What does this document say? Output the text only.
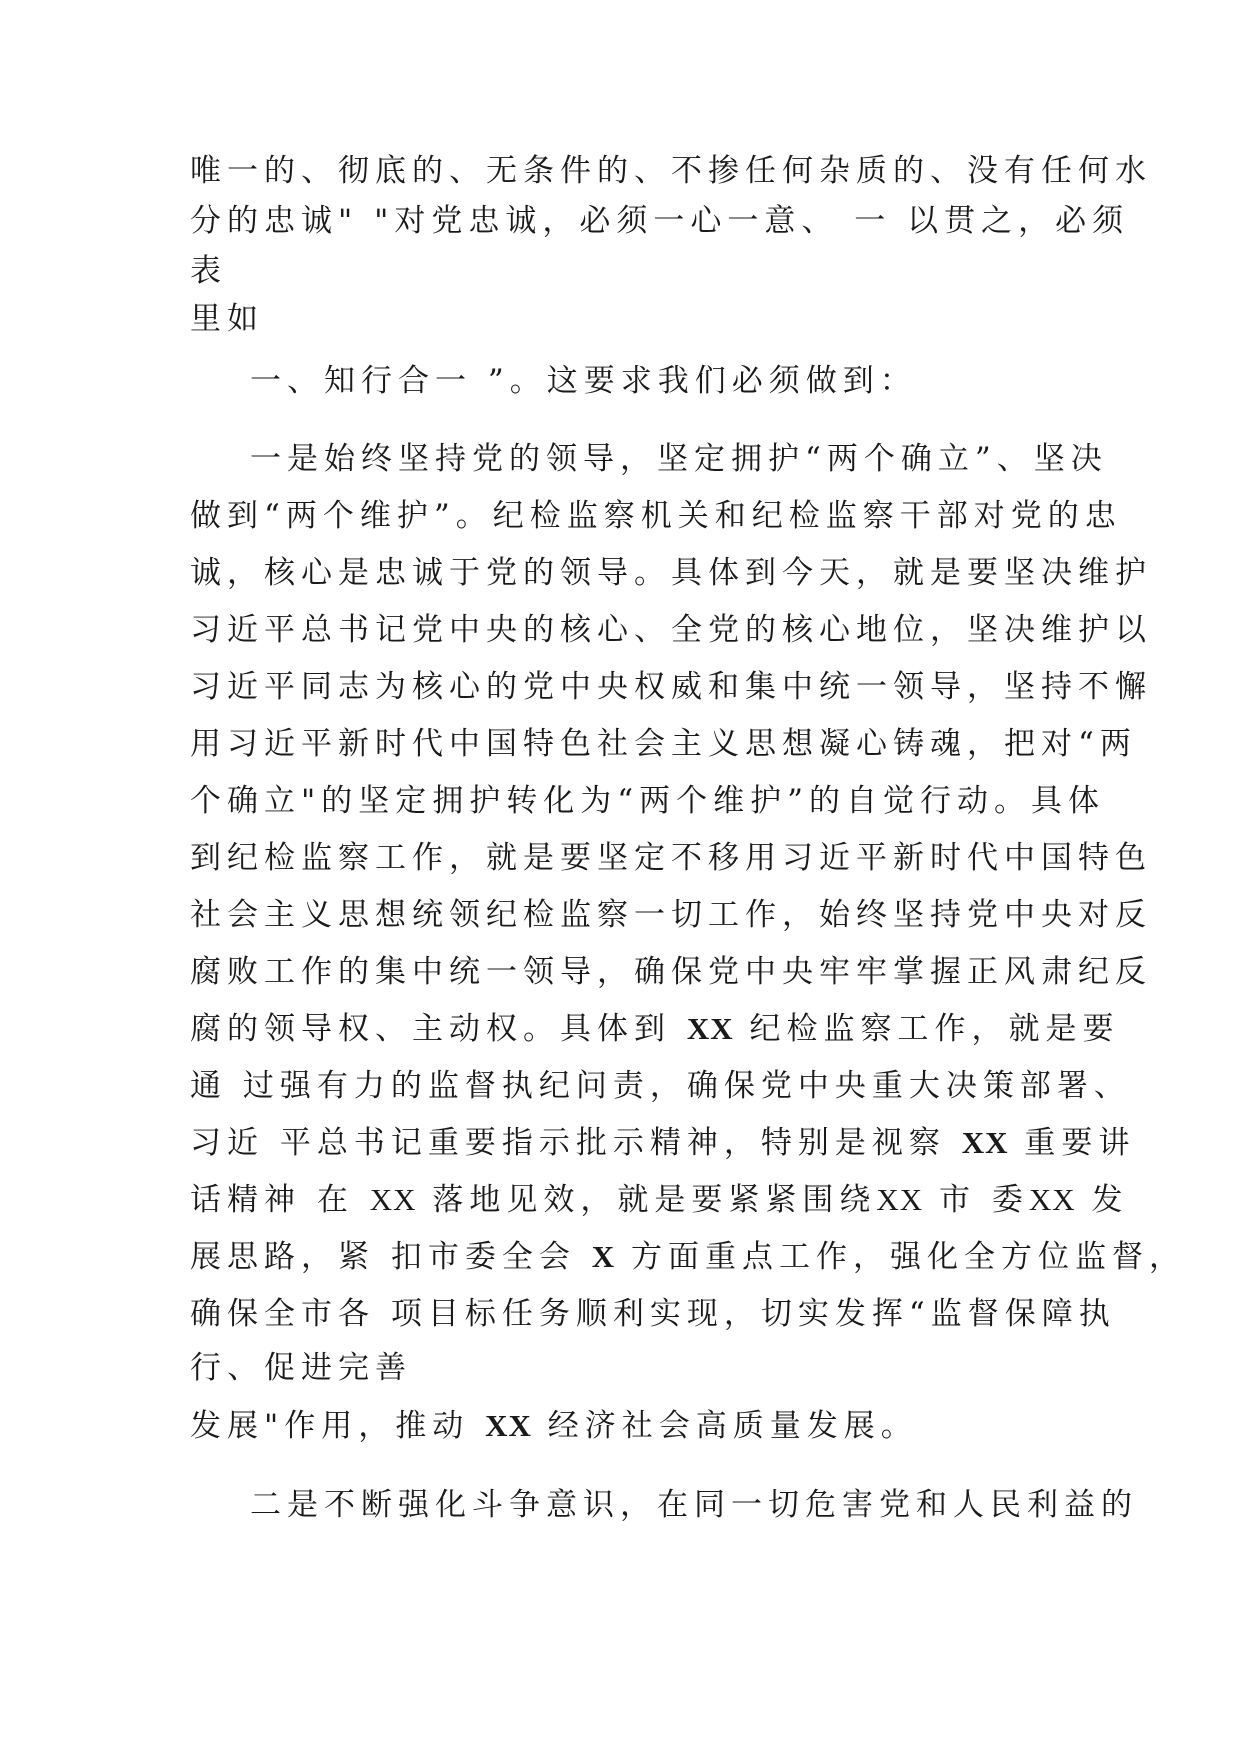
唯一的、彻底的、无条件的、不掺任何杂质的、没有任何水
分的忠诚" "对党忠诚，必须一心一意、 一 以贯之，必须
表
里如
一、知行合一 ”。这要求我们必须做到：
一是始终坚持党的领导，坚定拥护“两个确立”、坚决
做到“两个维护”。纪检监察机关和纪检监察干部对党的忠
诚，核心是忠诚于党的领导。具体到今天，就是要坚决维护
习近平总书记党中央的核心、全党的核心地位，坚决维护以
习近平同志为核心的党中央权威和集中统一领导，坚持不懈
用习近平新时代中国特色社会主义思想凝心铸魂，把对“两
个确立"的坚定拥护转化为“两个维护”的自觉行动。具体
到纪检监察工作，就是要坚定不移用习近平新时代中国特色
社会主义思想统领纪检监察一切工作，始终坚持党中央对反
腐败工作的集中统一领导，确保党中央牢牢掌握正风肃纪反
腐的领导权、主动权。具体到 XX 纪检监察工作，就是要
通 过强有力的监督执纪问责，确保党中央重大决策部署、
习近 平总书记重要指示批示精神，特别是视察 XX 重要讲
话精神 在 XX 落地见效，就是要紧紧围绕XX 市 委XX 发
展思路，紧 扣市委全会 X 方面重点工作，强化全方位监督，
确保全市各 项目标任务顺利实现，切实发挥“监督保障执
行、促进完善
发展"作用，推动 XX 经济社会高质量发展。
二是不断强化斗争意识，在同一切危害党和人民利益的
